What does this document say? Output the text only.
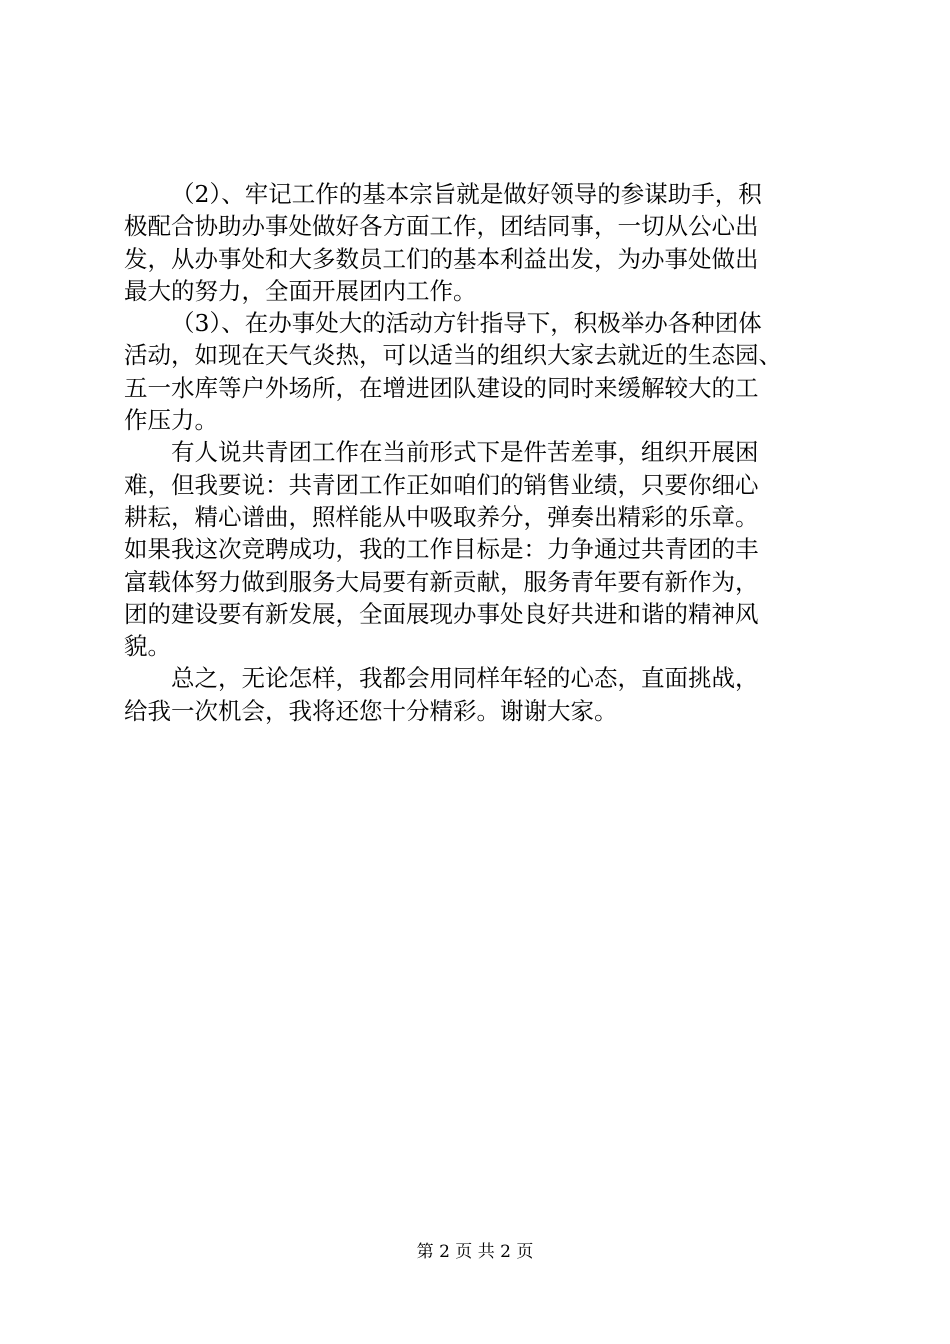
（2）、牢记工作的基本宗旨就是做好领导的参谋助手，积
极配合协助办事处做好各方面工作，团结同事，一切从公心出
发，从办事处和大多数员工们的基本利益出发，为办事处做出
最大的努力，全面开展团内工作。

（3）、在办事处大的活动方针指导下，积极举办各种团体
活动，如现在天气炎热，可以适当的组织大家去就近的生态园、
五一水库等户外场所，在增进团队建设的同时来缓解较大的工
作压力。

有人说共青团工作在当前形式下是件苦差事，组织开展困
难，但我要说：共青团工作正如咱们的销售业绩，只要你细心
耕耘，精心谱曲，照样能从中吸取养分，弹奏出精彩的乐章。
如果我这次竞聘成功，我的工作目标是：力争通过共青团的丰
富载体努力做到服务大局要有新贡献，服务青年要有新作为，
团的建设要有新发展，全面展现办事处良好共进和谐的精神风
貌。

总之，无论怎样，我都会用同样年轻的心态，直面挑战，
给我一次机会，我将还您十分精彩。谢谢大家。

第 2 页 共 2 页
